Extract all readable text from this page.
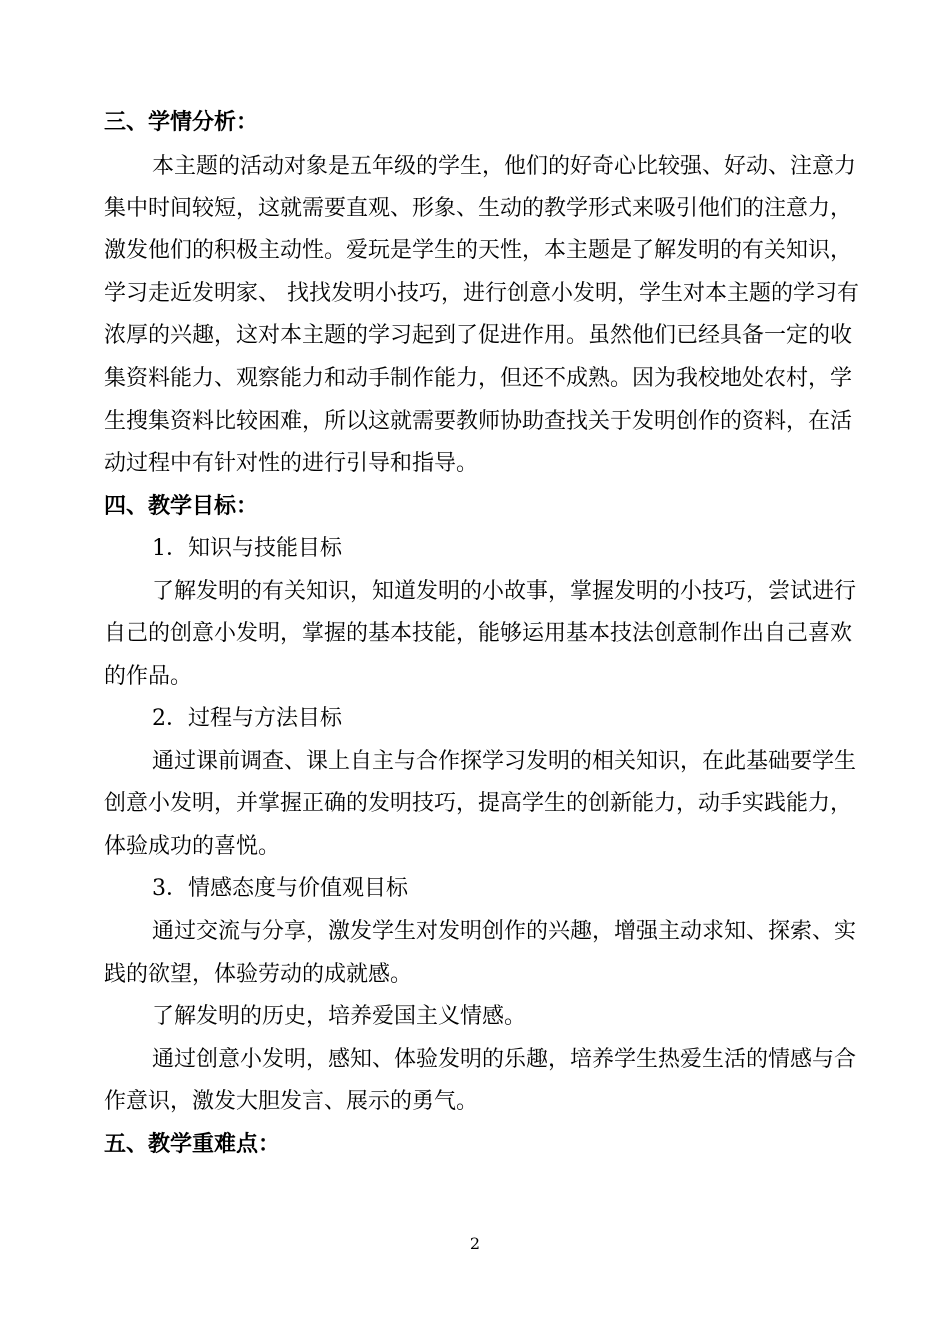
三、学情分析：
本主题的活动对象是五年级的学生，他们的好奇心比较强、好动、注意力
集中时间较短，这就需要直观、形象、生动的教学形式来吸引他们的注意力，
激发他们的积极主动性。爱玩是学生的天性，本主题是了解发明的有关知识，
学习走近发明家、 找找发明小技巧，进行创意小发明，学生对本主题的学习有
浓厚的兴趣，这对本主题的学习起到了促进作用。虽然他们已经具备一定的收
集资料能力、观察能力和动手制作能力，但还不成熟。因为我校地处农村，学
生搜集资料比较困难，所以这就需要教师协助查找关于发明创作的资料，在活
动过程中有针对性的进行引导和指导。
四、教学目标：
1．知识与技能目标
了解发明的有关知识，知道发明的小故事，掌握发明的小技巧，尝试进行
自己的创意小发明，掌握的基本技能，能够运用基本技法创意制作出自己喜欢
的作品。
2．过程与方法目标
通过课前调查、课上自主与合作探学习发明的相关知识，在此基础要学生
创意小发明，并掌握正确的发明技巧，提高学生的创新能力，动手实践能力，
体验成功的喜悦。
3．情感态度与价值观目标
通过交流与分享，激发学生对发明创作的兴趣，增强主动求知、探索、实
践的欲望，体验劳动的成就感。
了解发明的历史，培养爱国主义情感。
通过创意小发明，感知、体验发明的乐趣，培养学生热爱生活的情感与合
作意识，激发大胆发言、展示的勇气。
五、教学重难点：
2
